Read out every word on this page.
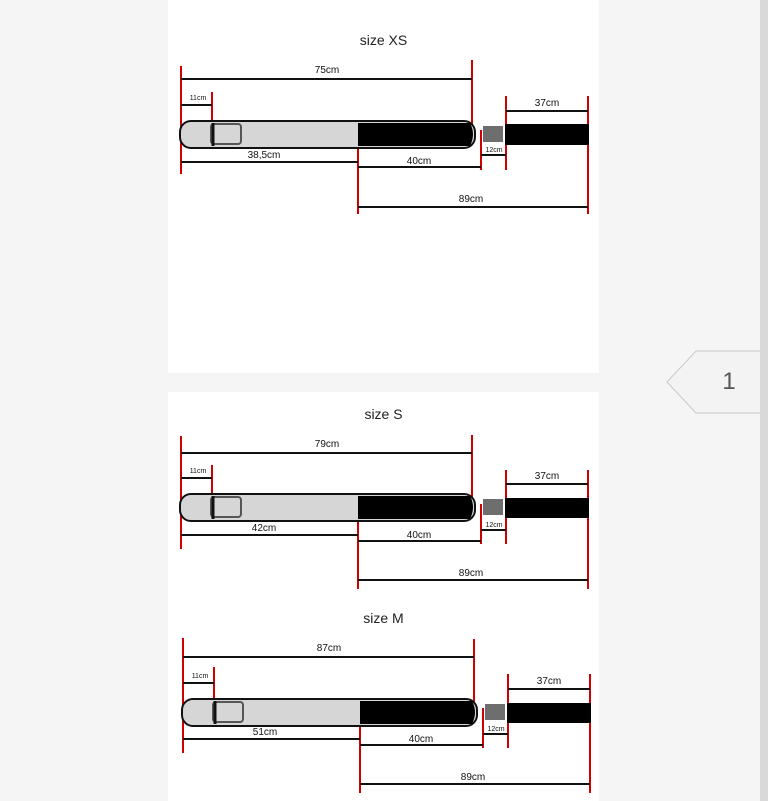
size XS
75cm
11cm	37cm
38,5cm
40cm
12cm
89cm
size S
79cm
11cm	37cm
42cm
40cm
12cm
89cm
size M
87cm
11cm	37cm
51cm
40cm
12cm
89cm
1
